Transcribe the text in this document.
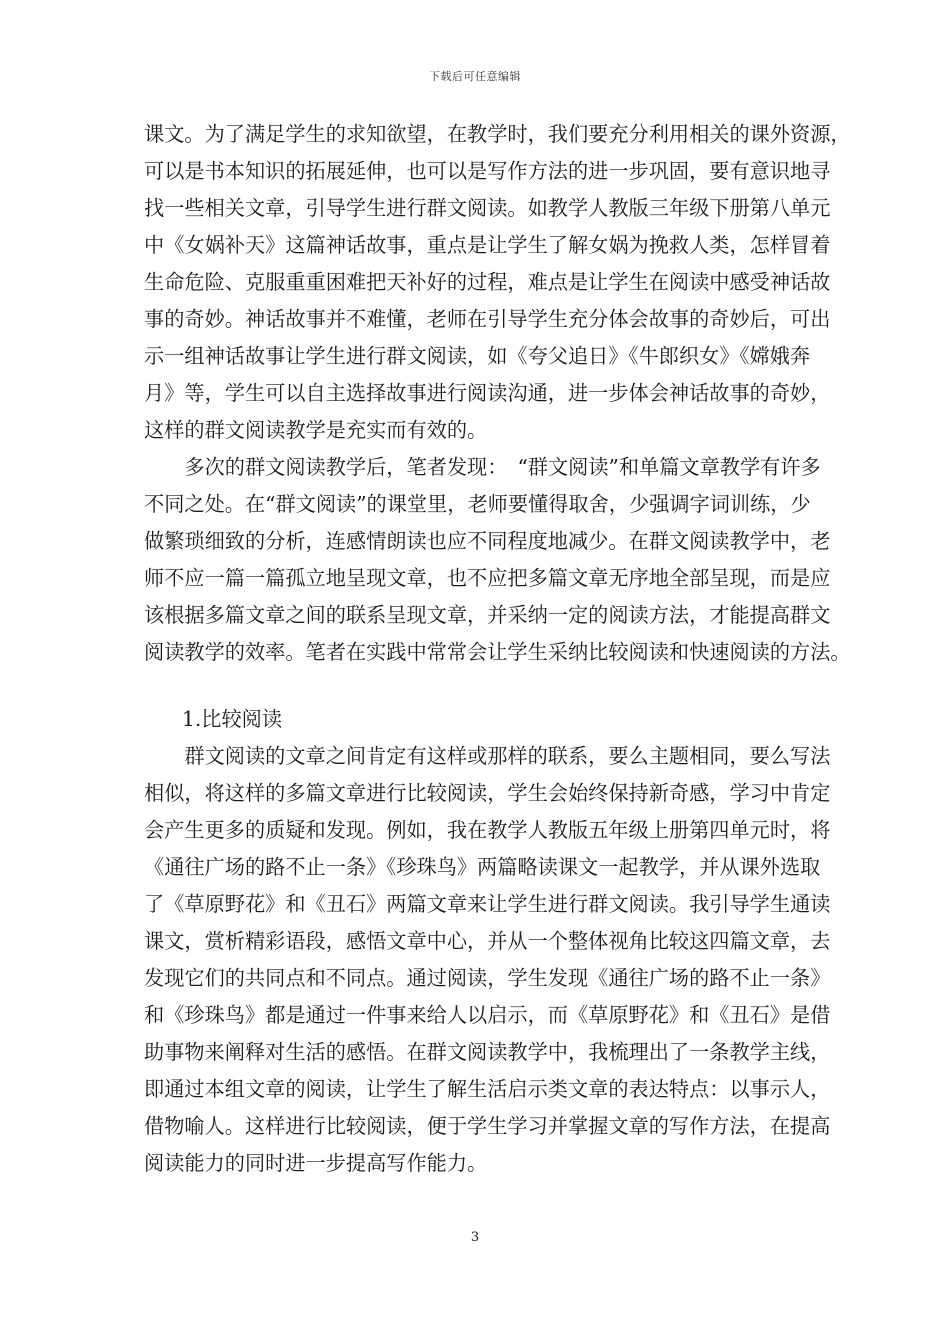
下载后可任意编辑
课文。为了满足学生的求知欲望，在教学时，我们要充分利用相关的课外资源，
可以是书本知识的拓展延伸，也可以是写作方法的进一步巩固，要有意识地寻
找一些相关文章，引导学生进行群文阅读。如教学人教版三年级下册第八单元
中《女娲补天》这篇神话故事，重点是让学生了解女娲为挽救人类，怎样冒着
生命危险、克服重重困难把天补好的过程，难点是让学生在阅读中感受神话故
事的奇妙。神话故事并不难懂，老师在引导学生充分体会故事的奇妙后，可出
示一组神话故事让学生进行群文阅读，如《夸父追日》《牛郎织女》《嫦娥奔
月》等，学生可以自主选择故事进行阅读沟通，进一步体会神话故事的奇妙，
这样的群文阅读教学是充实而有效的。
　　多次的群文阅读教学后，笔者发现：　“群文阅读”和单篇文章教学有许多
不同之处。在“群文阅读”的课堂里，老师要懂得取舍，少强调字词训练，少
做繁琐细致的分析，连感情朗读也应不同程度地减少。在群文阅读教学中，老
师不应一篇一篇孤立地呈现文章，也不应把多篇文章无序地全部呈现，而是应
该根据多篇文章之间的联系呈现文章，并采纳一定的阅读方法，才能提高群文
阅读教学的效率。笔者在实践中常常会让学生采纳比较阅读和快速阅读的方法。
1.比较阅读
　　群文阅读的文章之间肯定有这样或那样的联系，要么主题相同，要么写法
相似，将这样的多篇文章进行比较阅读，学生会始终保持新奇感，学习中肯定
会产生更多的质疑和发现。例如，我在教学人教版五年级上册第四单元时，将
《通往广场的路不止一条》《珍珠鸟》两篇略读课文一起教学，并从课外选取
了《草原野花》和《丑石》两篇文章来让学生进行群文阅读。我引导学生通读
课文，赏析精彩语段，感悟文章中心，并从一个整体视角比较这四篇文章，去
发现它们的共同点和不同点。通过阅读，学生发现《通往广场的路不止一条》
和《珍珠鸟》都是通过一件事来给人以启示，而《草原野花》和《丑石》是借
助事物来阐释对生活的感悟。在群文阅读教学中，我梳理出了一条教学主线，
即通过本组文章的阅读，让学生了解生活启示类文章的表达特点：以事示人，
借物喻人。这样进行比较阅读，便于学生学习并掌握文章的写作方法，在提高
阅读能力的同时进一步提高写作能力。
3
